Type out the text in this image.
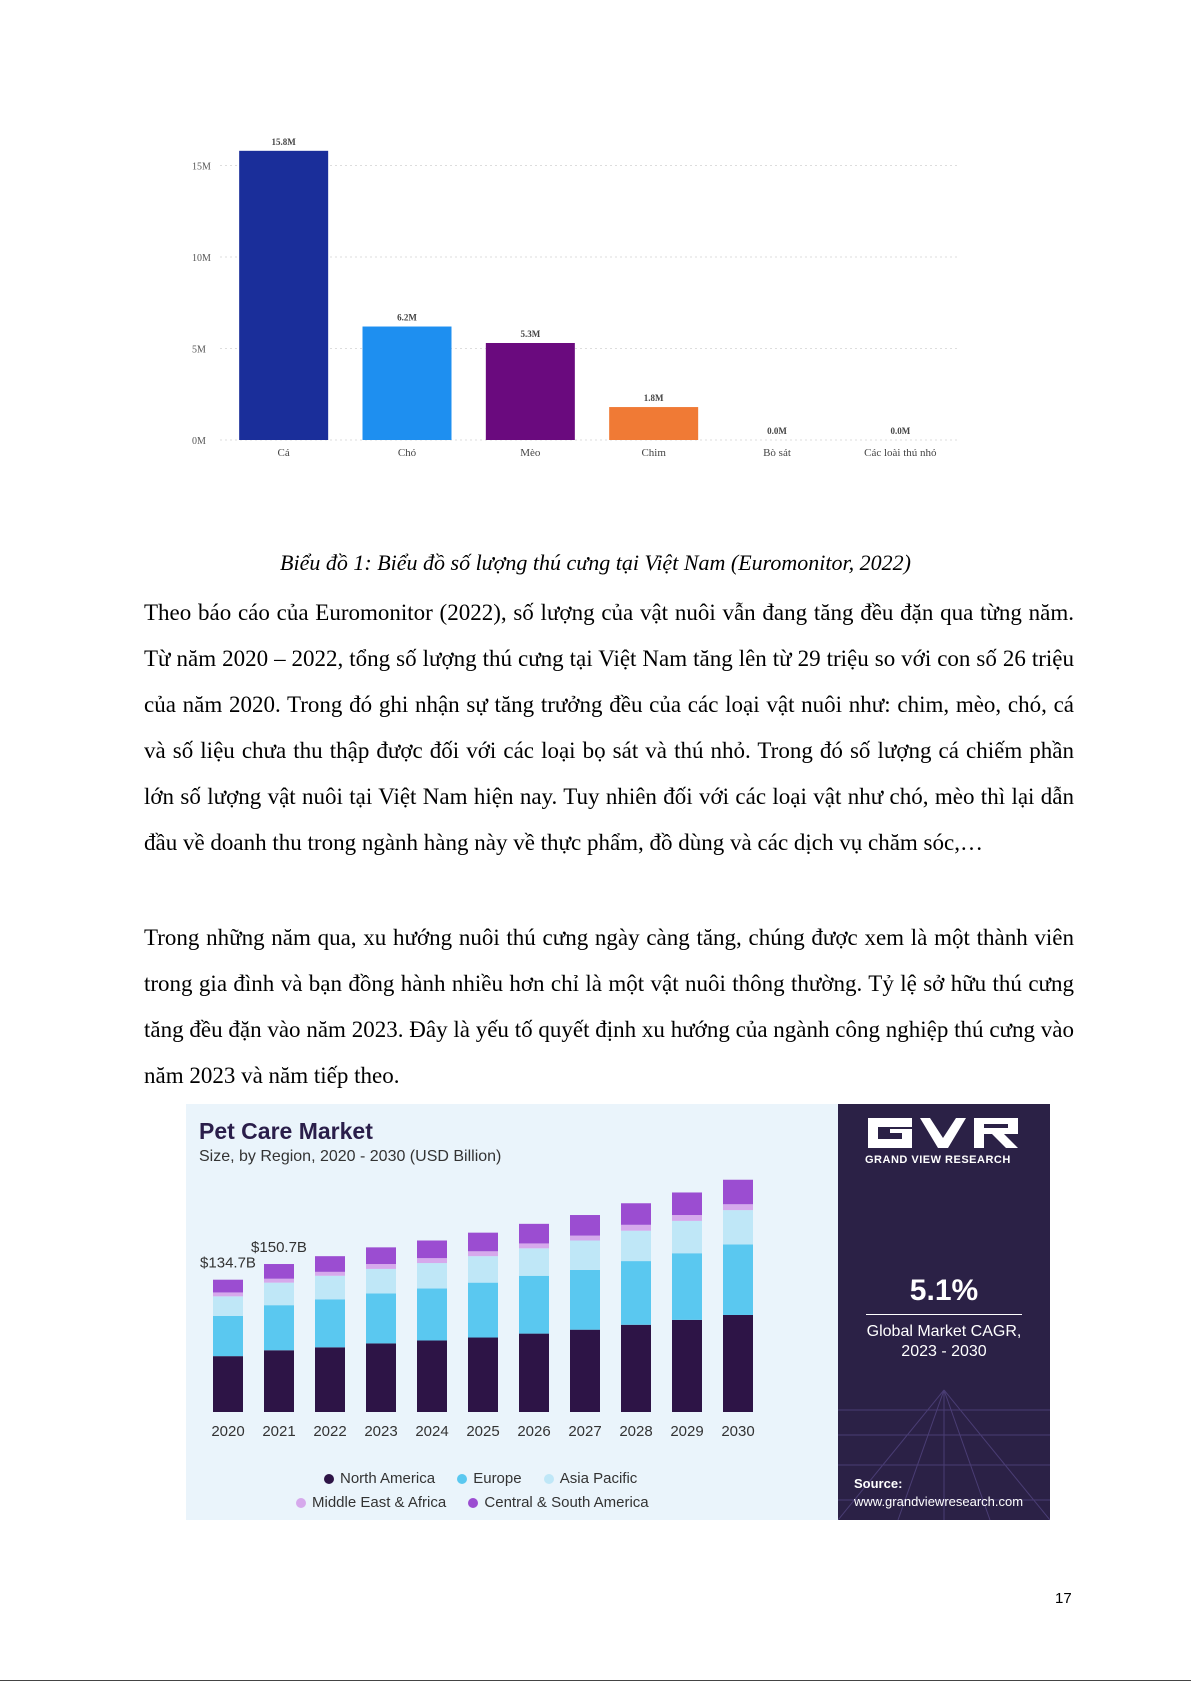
0M
5M
10M
15M
15.8M
Cá
6.2M
Chó
5.3M
Mèo
1.8M
Chim
0.0M
Bò sát
0.0M
Các loài thú nhỏ
Biểu đồ 1: Biểu đồ số lượng thú cưng tại Việt Nam (Euromonitor, 2022)

Theo báo cáo của Euromonitor (2022), số lượng của vật nuôi vẫn đang tăng đều đặn qua từng năm. Từ năm 2020 – 2022, tổng số lượng thú cưng tại Việt Nam tăng lên từ 29 triệu so với con số 26 triệu của năm 2020. Trong đó ghi nhận sự tăng trưởng đều của các loại vật nuôi như: chim, mèo, chó, cá và số liệu chưa thu thập được đối với các loại bọ sát và thú nhỏ. Trong đó số lượng cá chiếm phần lớn số lượng vật nuôi tại Việt Nam hiện nay. Tuy nhiên đối với các loại vật như chó, mèo thì lại dẫn đầu về doanh thu trong ngành hàng này về thực phẩm, đồ dùng và các dịch vụ chăm sóc,…

Trong những năm qua, xu hướng nuôi thú cưng ngày càng tăng, chúng được xem là một thành viên trong gia đình và bạn đồng hành nhiều hơn chỉ là một vật nuôi thông thường. Tỷ lệ sở hữu thú cưng tăng đều đặn vào năm 2023. Đây là yếu tố quyết định xu hướng của ngành công nghiệp thú cưng vào năm 2023 và năm tiếp theo.

2020 2021 2022 2023 2024 2025 2026 2027 2028 2029 2030
$134.7B
$150.7B
Pet Care Market
Size, by Region, 2020 - 2030 (USD Billion)
North America	Europe	Asia Pacific
Middle East & Africa	Central & South America
GRAND VIEW RESEARCH
5.1%
Global Market CAGR,
2023 - 2030
Source:
www.grandviewresearch.com
17
